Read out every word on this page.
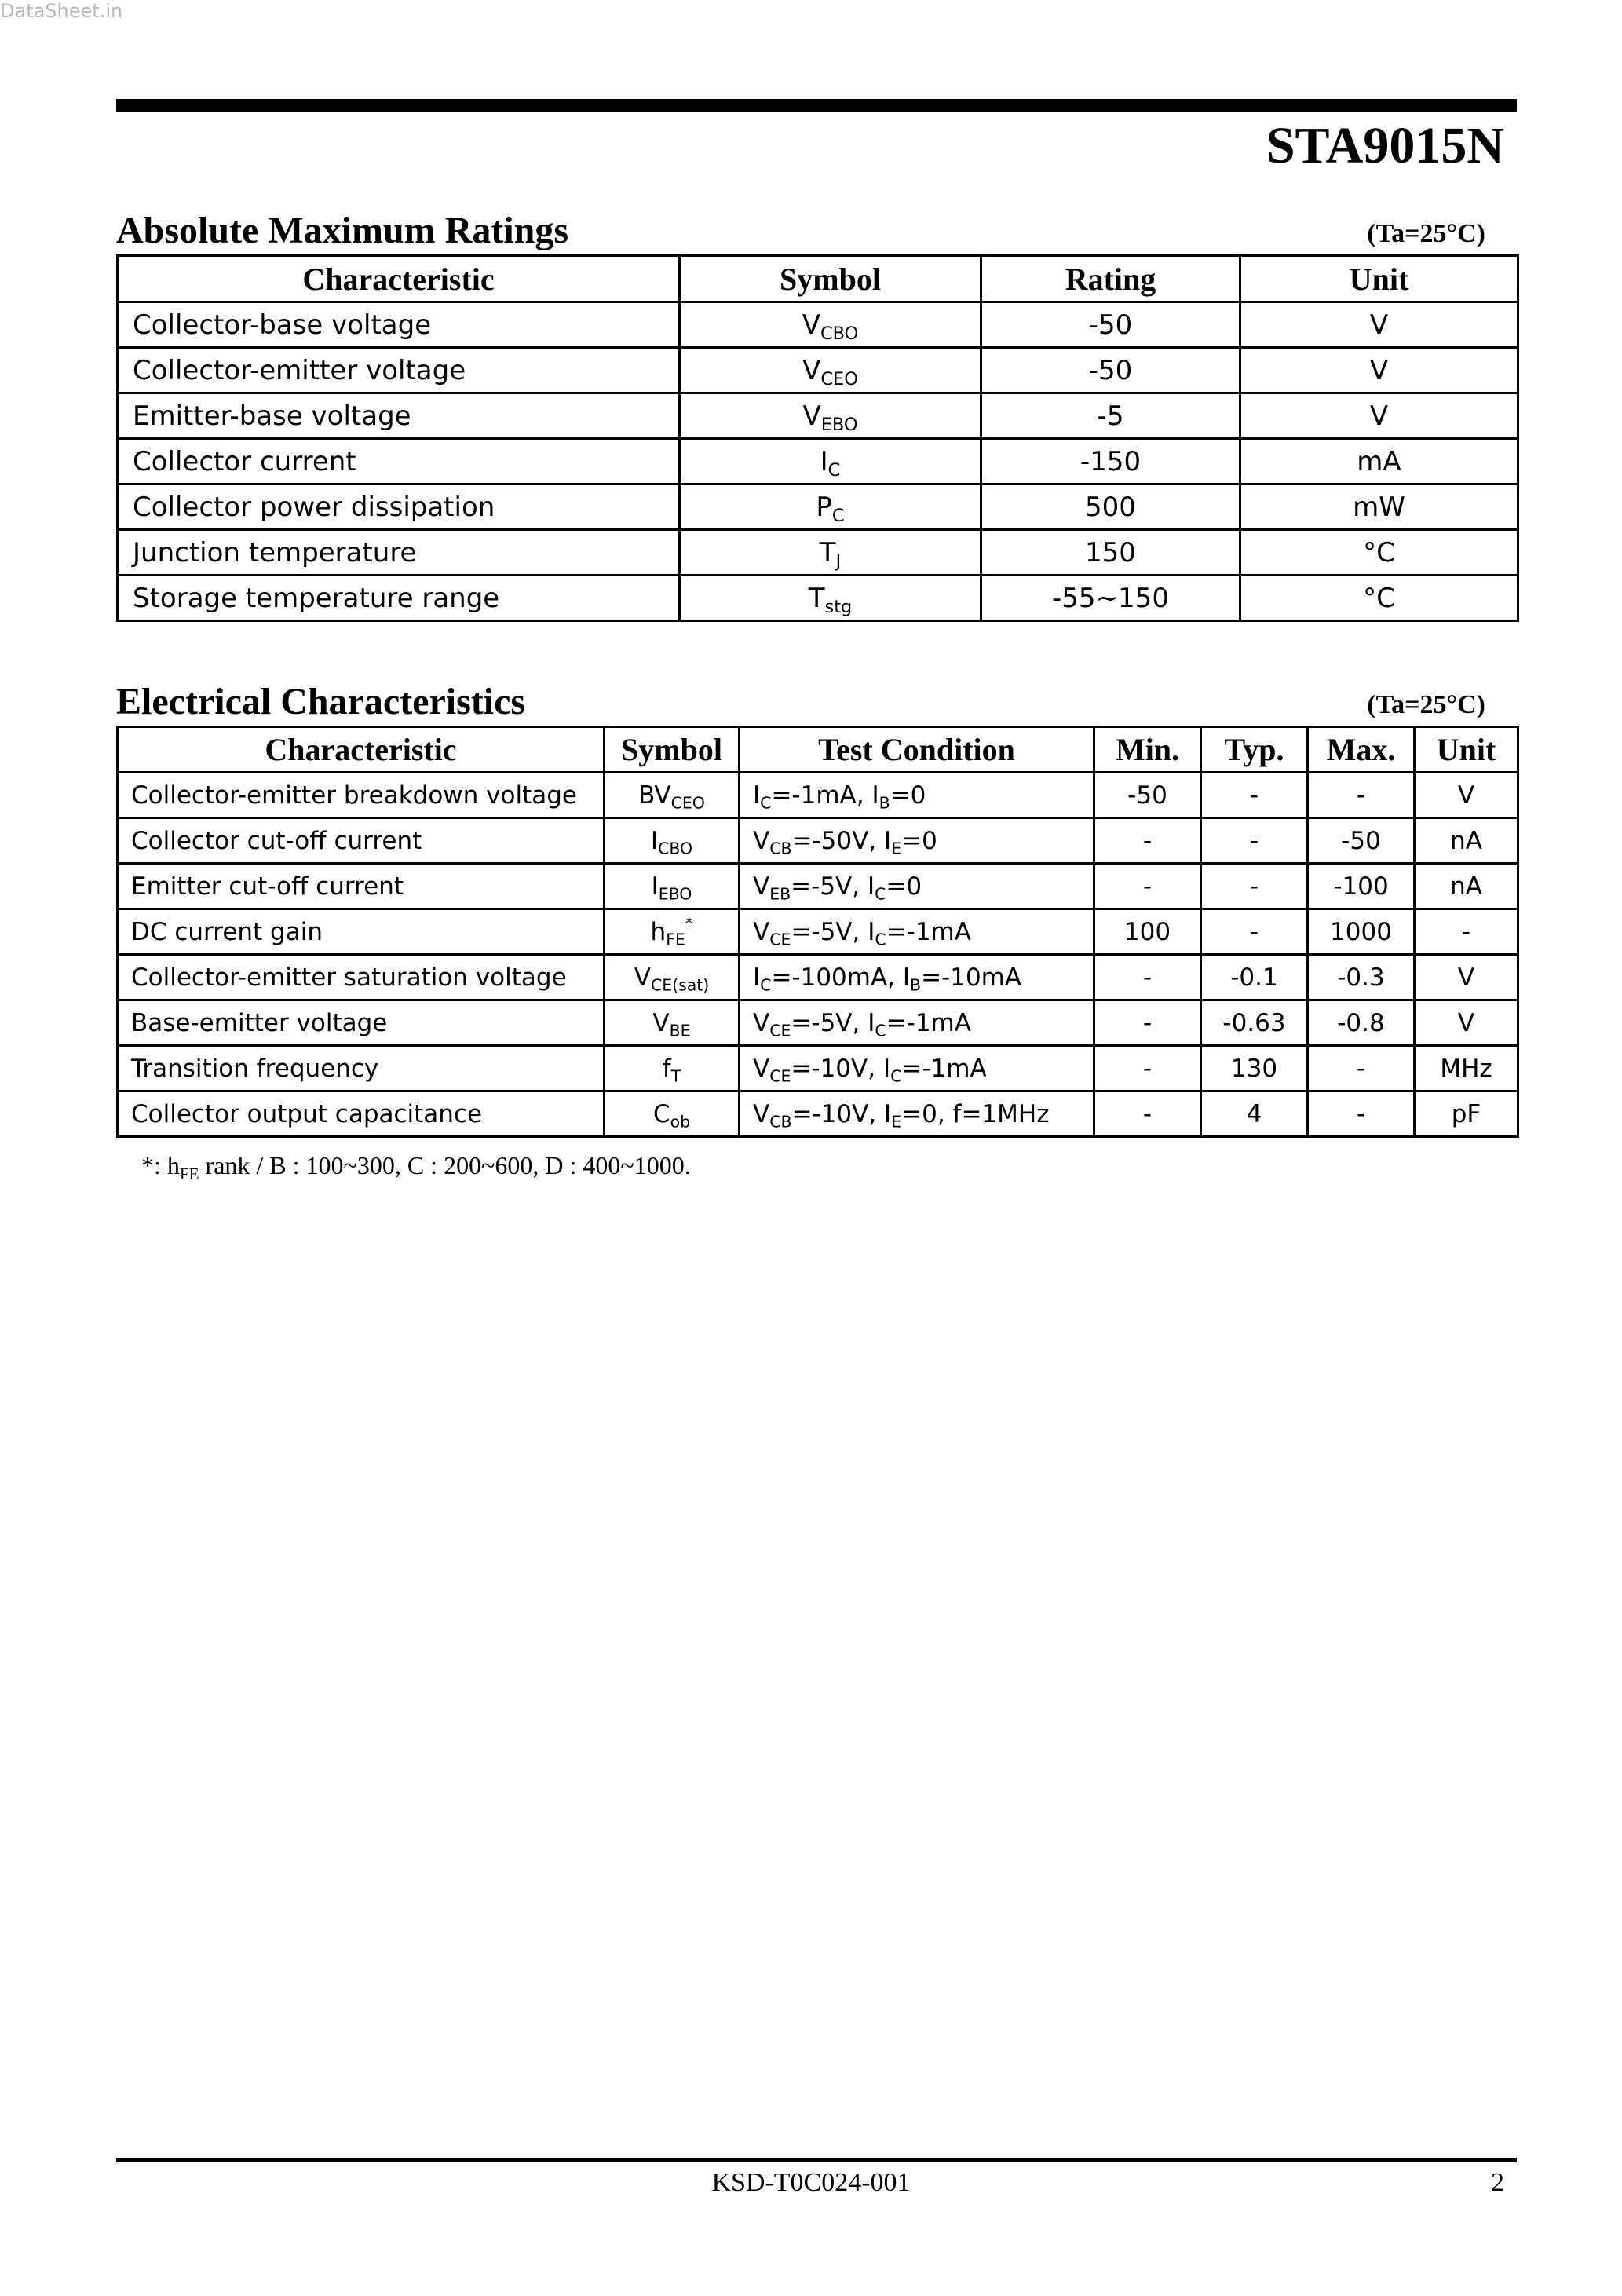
DataSheet.in
STA9015N
Absolute Maximum Ratings	(Ta=25°C)
Characteristic	Symbol	Rating	Unit
Collector-base voltage	$V_{CBO}$	-50	V
Collector-emitter voltage	$V_{CEO}$	-50	V
Emitter-base voltage	$V_{EBO}$	-5	V
Collector current	$I_C$	-150	mA
Collector power dissipation	$P_C$	500	mW
Junction temperature	$T_J$	150	°C
Storage temperature range	$T_{stg}$	-55~150	°C
Electrical Characteristics	(Ta=25°C)
Characteristic	Symbol	Test Condition	Min.	Typ.	Max.	Unit
Collector-emitter breakdown voltage	$BV_{CEO}$	$I_C=-1mA$, $I_B=0$	-50	-	-	V
Collector cut-off current	$I_{CBO}$	$V_{CB}=-50V$, $I_E=0$	-	-	-50	nA
Emitter cut-off current	$I_{EBO}$	$V_{EB}=-5V$, $I_C=0$	-	-	-100	nA
DC current gain	$h_{FE}^*$	$V_{CE}=-5V$, $I_C=-1mA$	100	-	1000	-
Collector-emitter saturation voltage	$V_{CE(sat)}$	$I_C=-100mA$, $I_B=-10mA$	-	-0.1	-0.3	V
Base-emitter voltage	$V_{BE}$	$V_{CE}=-5V$, $I_C=-1mA$	-	-0.63	-0.8	V
Transition frequency	$f_T$	$V_{CE}=-10V$, $I_C=-1mA$	-	130	-	MHz
Collector output capacitance	$C_{ob}$	$V_{CB}=-10V$, $I_E=0$, f=1MHz	-	4	-	pF
*: $h_{FE}$ rank / B : 100~300, C : 200~600, D : 400~1000.
KSD-T0C024-001	2
